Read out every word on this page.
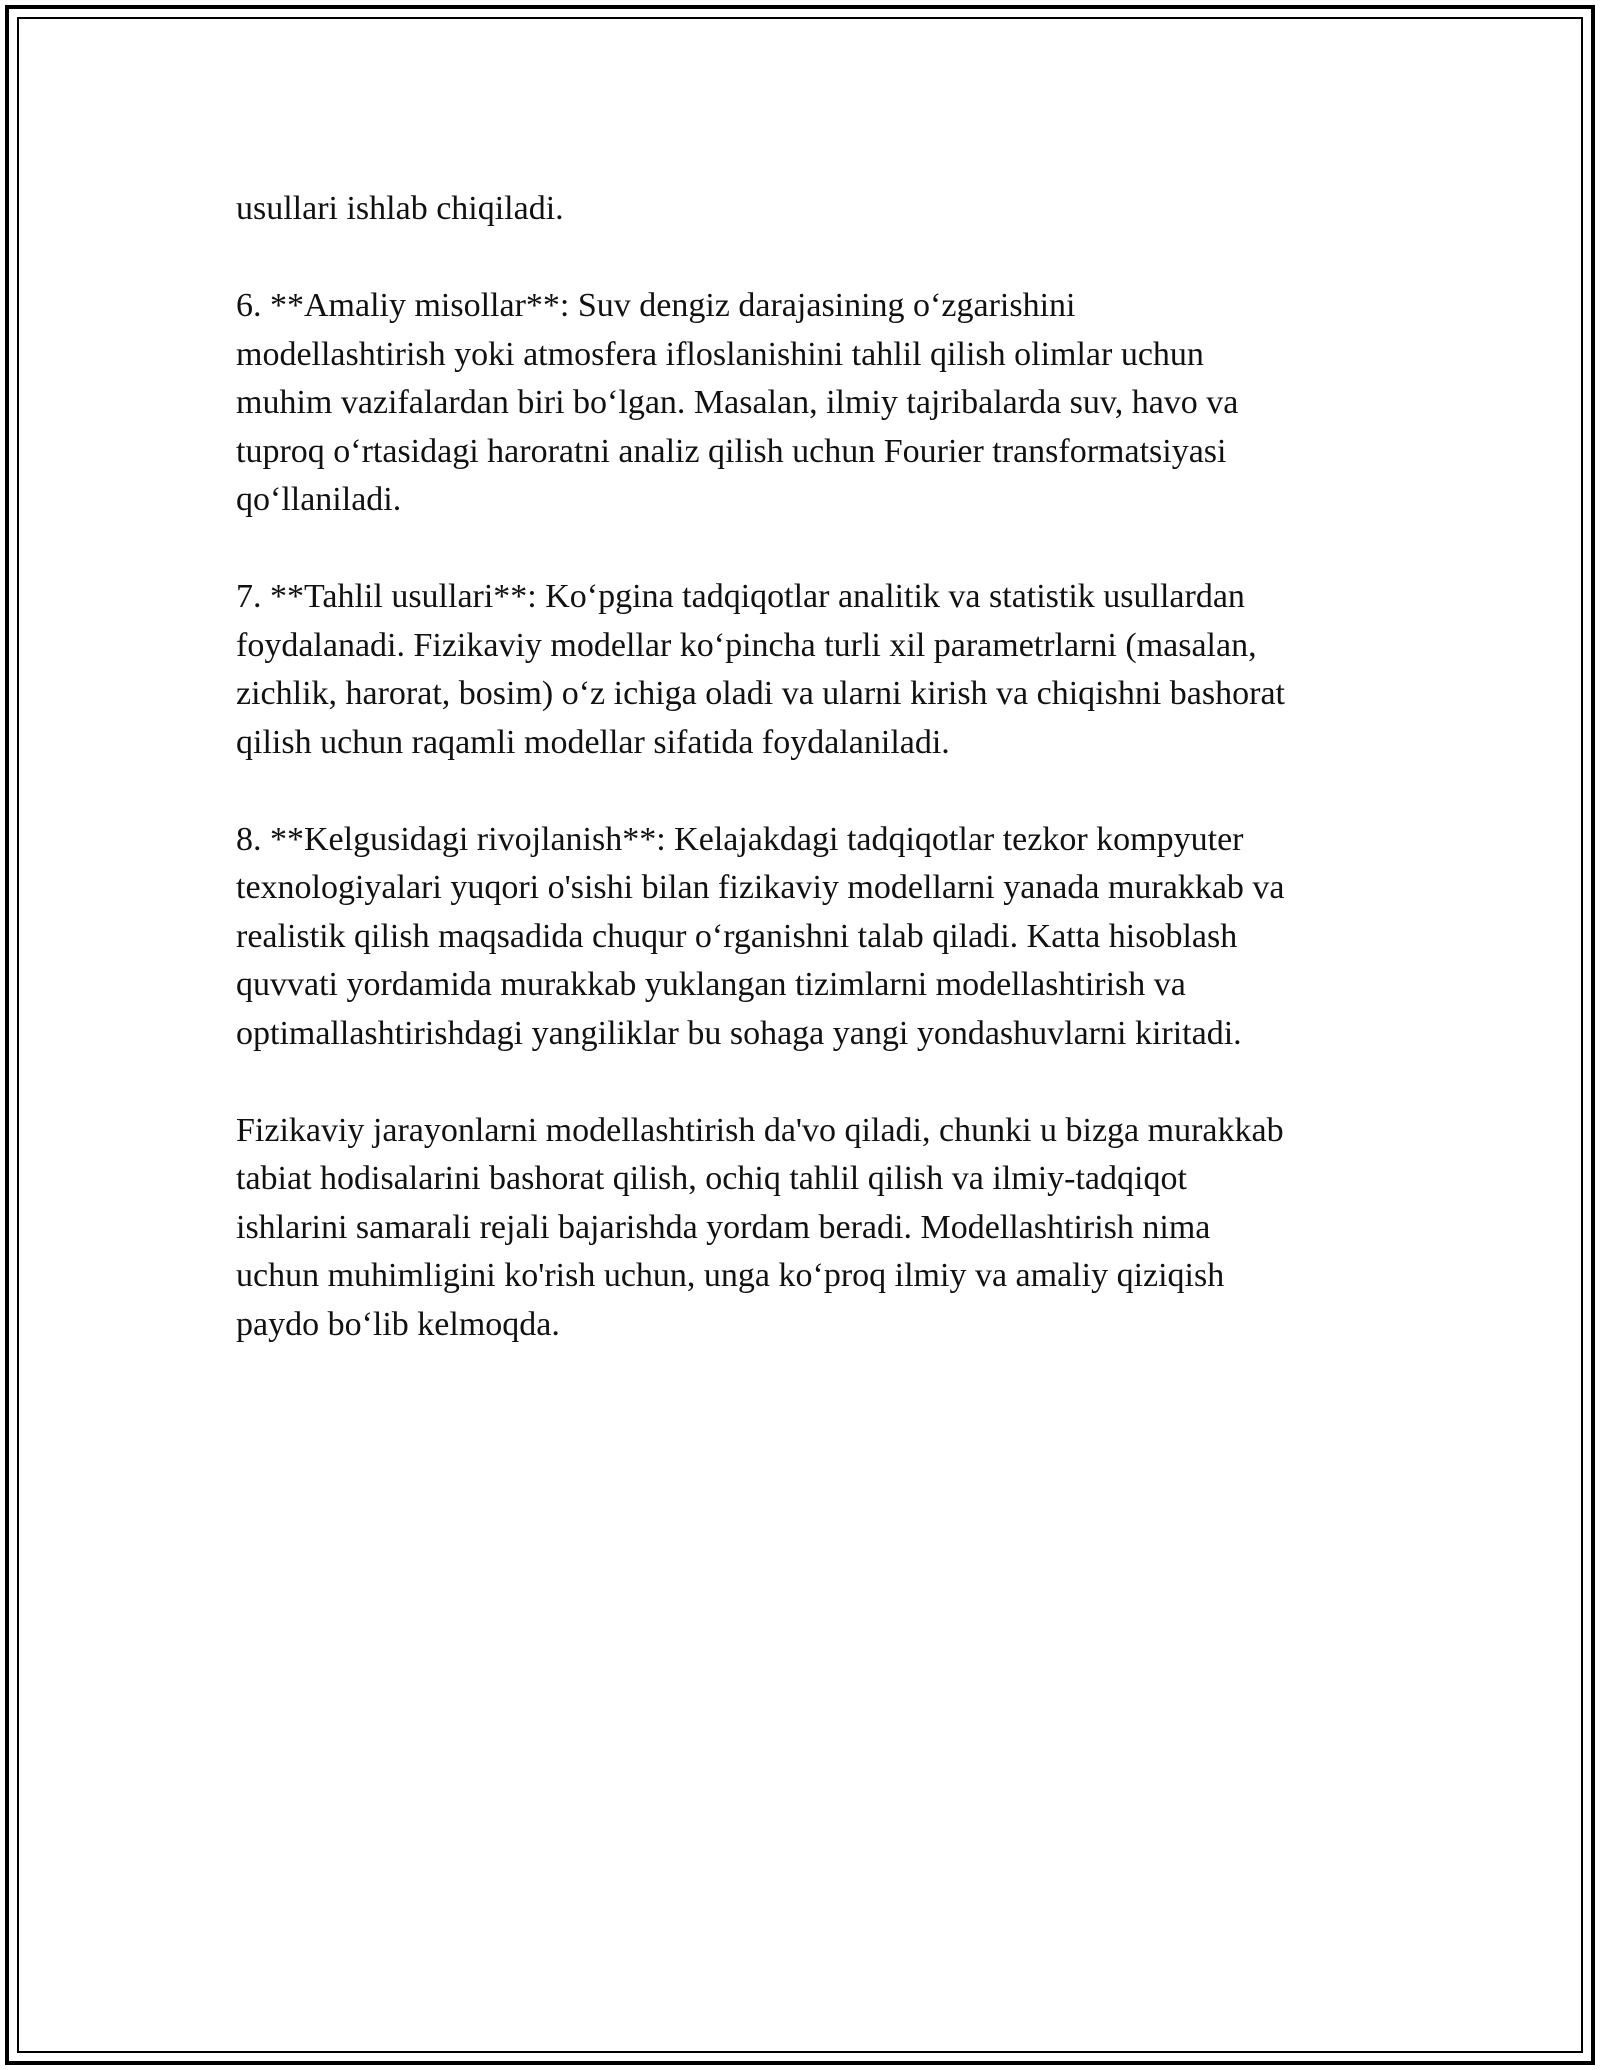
usullari ishlab chiqiladi.

6. **Amaliy misollar**: Suv dengiz darajasining oʻzgarishini
modellashtirish yoki atmosfera ifloslanishini tahlil qilish olimlar uchun
muhim vazifalardan biri boʻlgan. Masalan, ilmiy tajribalarda suv, havo va
tuproq oʻrtasidagi haroratni analiz qilish uchun Fourier transformatsiyasi
qoʻllaniladi.

7. **Tahlil usullari**: Koʻpgina tadqiqotlar analitik va statistik usullardan
foydalanadi. Fizikaviy modellar koʻpincha turli xil parametrlarni (masalan,
zichlik, harorat, bosim) oʻz ichiga oladi va ularni kirish va chiqishni bashorat
qilish uchun raqamli modellar sifatida foydalaniladi.

8. **Kelgusidagi rivojlanish**: Kelajakdagi tadqiqotlar tezkor kompyuter
texnologiyalari yuqori o'sishi bilan fizikaviy modellarni yanada murakkab va
realistik qilish maqsadida chuqur oʻrganishni talab qiladi. Katta hisoblash
quvvati yordamida murakkab yuklangan tizimlarni modellashtirish va
optimallashtirishdagi yangiliklar bu sohaga yangi yondashuvlarni kiritadi.

Fizikaviy jarayonlarni modellashtirish da'vo qiladi, chunki u bizga murakkab
tabiat hodisalarini bashorat qilish, ochiq tahlil qilish va ilmiy-tadqiqot
ishlarini samarali rejali bajarishda yordam beradi. Modellashtirish nima
uchun muhimligini ko'rish uchun, unga koʻproq ilmiy va amaliy qiziqish
paydo boʻlib kelmoqda.
